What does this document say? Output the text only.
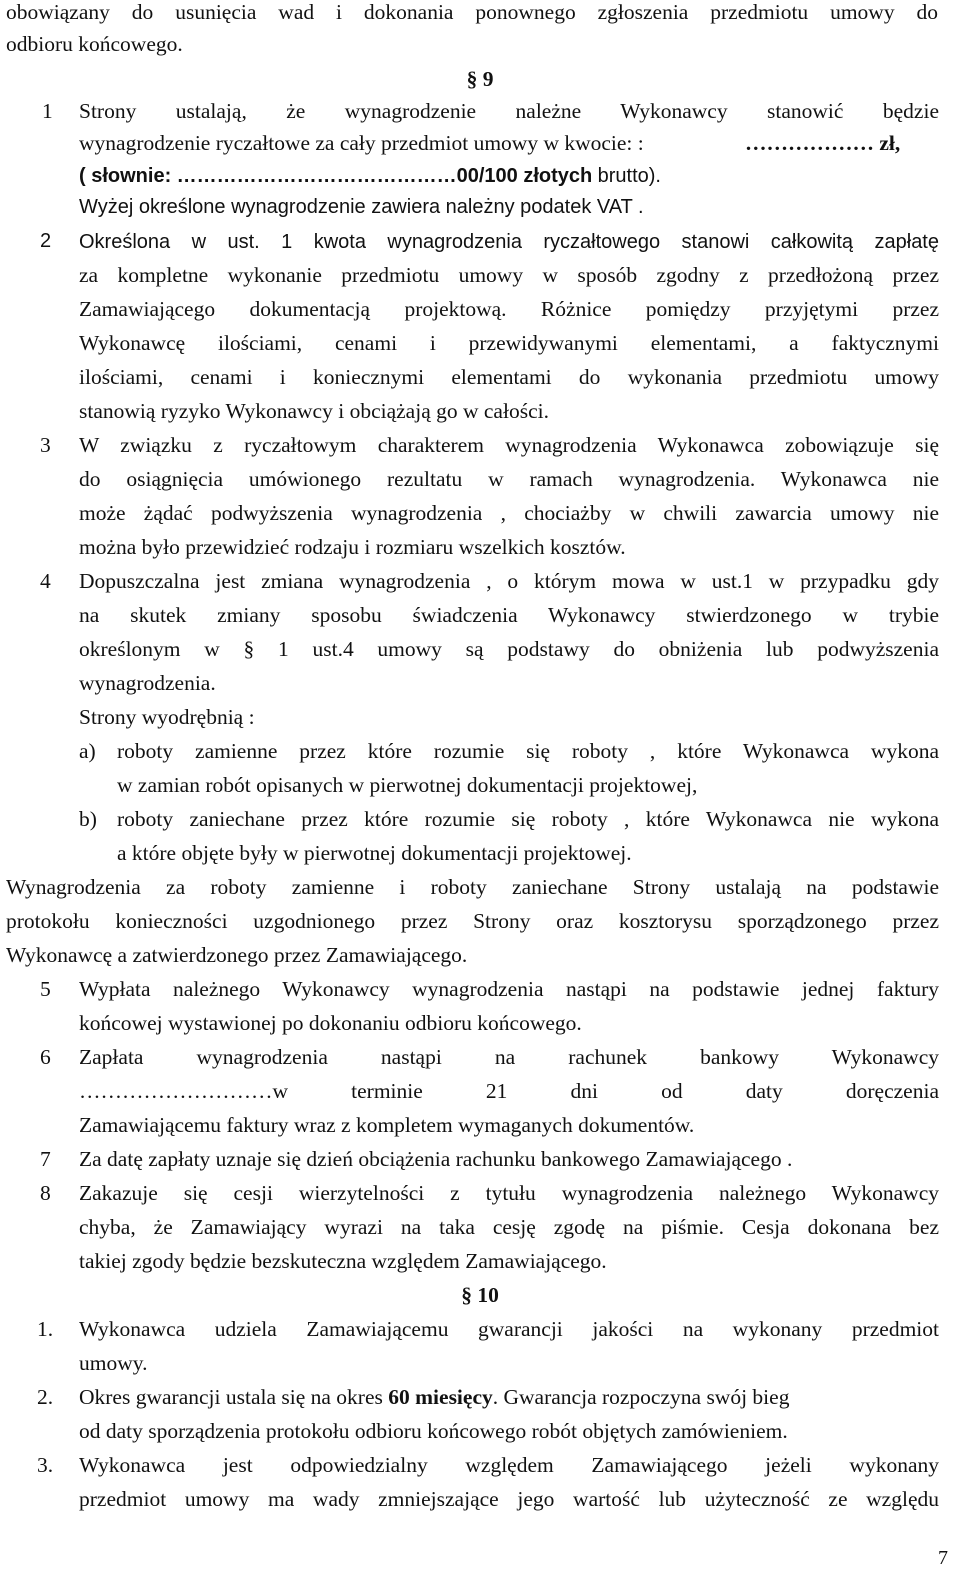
obowiązany do usunięcia wad i dokonania ponownego zgłoszenia przedmiotu umowy do
odbioru końcowego.
§ 9
1 Strony ustalają, że wynagrodzenie należne Wykonawcy stanowić będzie
wynagrodzenie ryczałtowe za cały przedmiot umowy w kwocie: :	……………… zł,
( słownie: ……………………………………00/100 złotych brutto).
Wyżej określone wynagrodzenie zawiera należny podatek VAT .
2 Określona w ust. 1 kwota wynagrodzenia ryczałtowego stanowi całkowitą zapłatę
za kompletne wykonanie przedmiotu umowy w sposób zgodny z przedłożoną przez
Zamawiającego dokumentacją projektową. Różnice pomiędzy przyjętymi przez
Wykonawcę ilościami, cenami i przewidywanymi elementami, a faktycznymi
ilościami, cenami i koniecznymi elementami do wykonania przedmiotu umowy
stanowią ryzyko Wykonawcy i obciążają go w całości.
3 W związku z ryczałtowym charakterem wynagrodzenia Wykonawca zobowiązuje się
do osiągnięcia umówionego rezultatu w ramach wynagrodzenia. Wykonawca nie
może żądać podwyższenia wynagrodzenia , chociażby w chwili zawarcia umowy nie
można było przewidzieć rodzaju i rozmiaru wszelkich kosztów.
4 Dopuszczalna jest zmiana wynagrodzenia , o którym mowa w ust.1 w przypadku gdy
na skutek zmiany sposobu świadczenia Wykonawcy stwierdzonego w trybie
określonym w § 1 ust.4 umowy są podstawy do obniżenia lub podwyższenia
wynagrodzenia.
Strony wyodrębnią :
a) roboty zamienne przez które rozumie się roboty , które Wykonawca wykona
w zamian robót opisanych w pierwotnej dokumentacji projektowej,
b) roboty zaniechane przez które rozumie się roboty , które Wykonawca nie wykona
a które objęte były w pierwotnej dokumentacji projektowej.
Wynagrodzenia za roboty zamienne i roboty zaniechane Strony ustalają na podstawie
protokołu konieczności uzgodnionego przez Strony oraz kosztorysu sporządzonego przez
Wykonawcę a zatwierdzonego przez Zamawiającego.
5 Wypłata należnego Wykonawcy wynagrodzenia nastąpi na podstawie jednej faktury
końcowej wystawionej po dokonaniu odbioru końcowego.
6 Zapłata wynagrodzenia nastąpi na rachunek bankowy Wykonawcy
………………………w terminie 21 dni od daty doręczenia
Zamawiającemu faktury wraz z kompletem wymaganych dokumentów.
7 Za datę zapłaty uznaje się dzień obciążenia rachunku bankowego Zamawiającego .
8 Zakazuje się cesji wierzytelności z tytułu wynagrodzenia należnego Wykonawcy
chyba, że Zamawiający wyrazi na taka cesję zgodę na piśmie. Cesja dokonana bez
takiej zgody będzie bezskuteczna względem Zamawiającego.
§ 10
1. Wykonawca udziela Zamawiającemu gwarancji jakości na wykonany przedmiot
umowy.
2. Okres gwarancji ustala się na okres 60 miesięcy. Gwarancja rozpoczyna swój bieg
od daty sporządzenia protokołu odbioru końcowego robót objętych zamówieniem.
3. Wykonawca jest odpowiedzialny względem Zamawiającego jeżeli wykonany
przedmiot umowy ma wady zmniejszające jego wartość lub użyteczność ze względu
7
